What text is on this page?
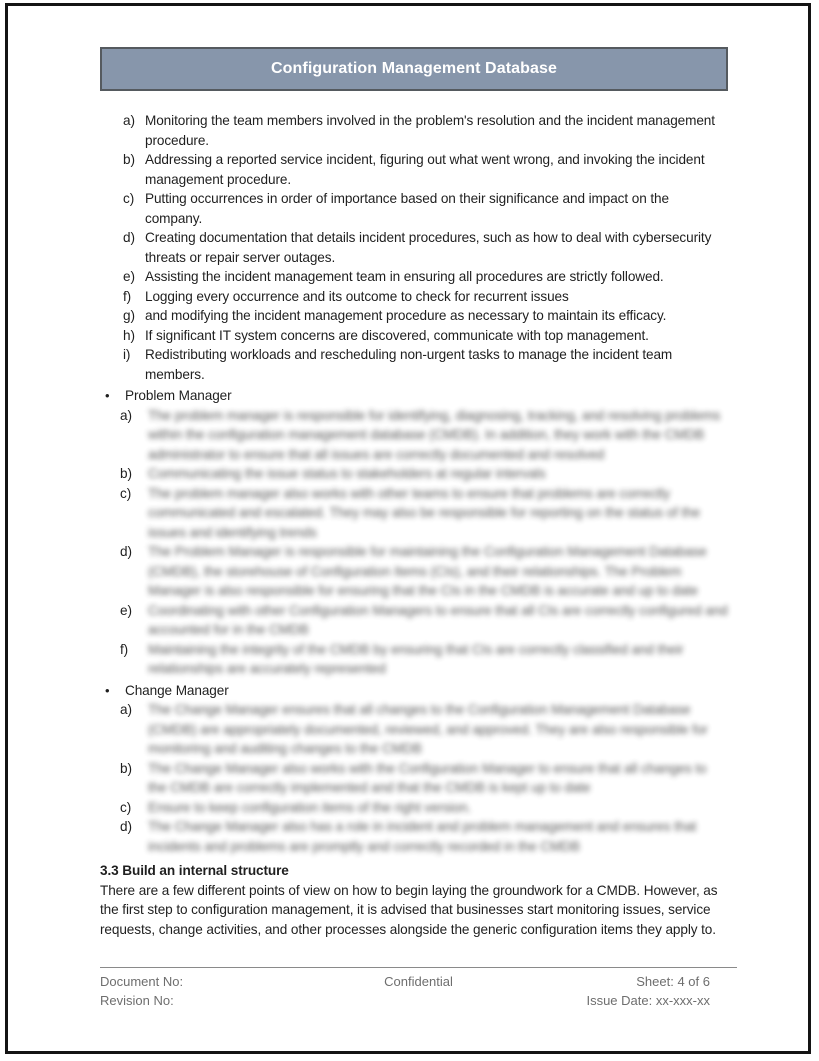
Configuration Management Database
a) Monitoring the team members involved in the problem's resolution and the incident management procedure.
b) Addressing a reported service incident, figuring out what went wrong, and invoking the incident management procedure.
c) Putting occurrences in order of importance based on their significance and impact on the company.
d) Creating documentation that details incident procedures, such as how to deal with cybersecurity threats or repair server outages.
e) Assisting the incident management team in ensuring all procedures are strictly followed.
f)	Logging every occurrence and its outcome to check for recurrent issues
g) and modifying the incident management procedure as necessary to maintain its efficacy.
h) If significant IT system concerns are discovered, communicate with top management.
i)	Redistributing workloads and rescheduling non-urgent tasks to manage the incident team members.
•	Problem Manager
a)	The problem manager is responsible for identifying, diagnosing, tracking, and resolving problems within the configuration management database (CMDB). In addition, they work with the CMDB administrator to ensure that all issues are correctly documented and resolved
b)	Communicating the issue status to stakeholders at regular intervals
c)	The problem manager also works with other teams to ensure that problems are correctly communicated and escalated. They may also be responsible for reporting on the status of the issues and identifying trends
d)	The Problem Manager is responsible for maintaining the Configuration Management Database (CMDB), the storehouse of Configuration Items (CIs), and their relationships. The Problem Manager is also responsible for ensuring that the CIs in the CMDB is accurate and up to date
e)	Coordinating with other Configuration Managers to ensure that all CIs are correctly configured and accounted for in the CMDB
f)	Maintaining the integrity of the CMDB by ensuring that CIs are correctly classified and their relationships are accurately represented
•	Change Manager
a)	The Change Manager ensures that all changes to the Configuration Management Database (CMDB) are appropriately documented, reviewed, and approved. They are also responsible for monitoring and auditing changes to the CMDB
b)	The Change Manager also works with the Configuration Manager to ensure that all changes to the CMDB are correctly implemented and that the CMDB is kept up to date
c)	Ensure to keep configuration items of the right version.
d)	The Change Manager also has a role in incident and problem management and ensures that incidents and problems are promptly and correctly recorded in the CMDB
3.3 Build an internal structure
There are a few different points of view on how to begin laying the groundwork for a CMDB. However, as the first step to configuration management, it is advised that businesses start monitoring issues, service requests, change activities, and other processes alongside the generic configuration items they apply to.
Document No:	Confidential	Sheet: 4 of 6
Revision No:	Issue Date: xx-xxx-xx
